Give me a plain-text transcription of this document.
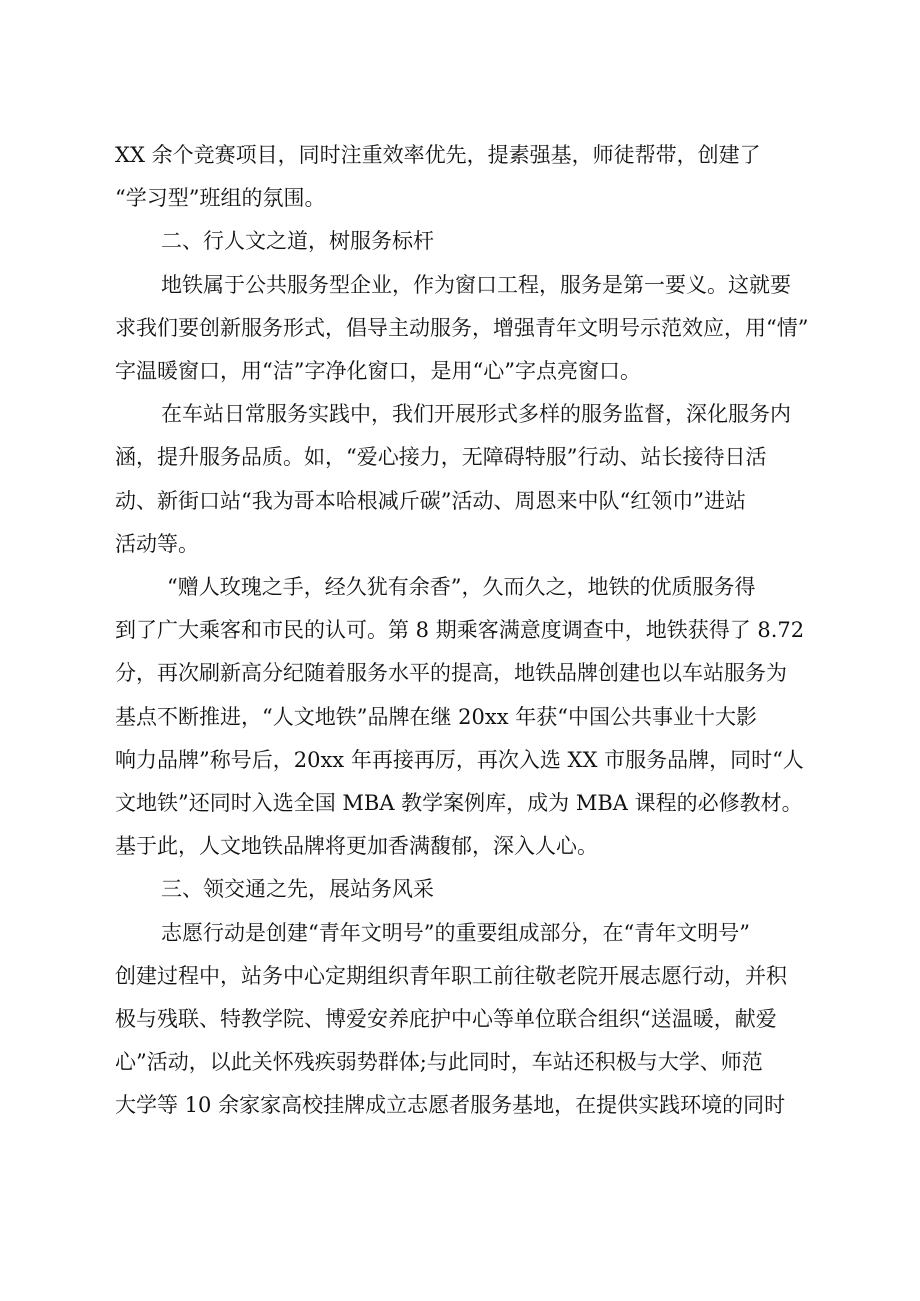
XX 余个竞赛项目，同时注重效率优先，提素强基，师徒帮带，创建了

“学习型”班组的氛围。

二、行人文之道，树服务标杆

地铁属于公共服务型企业，作为窗口工程，服务是第一要义。这就要

求我们要创新服务形式，倡导主动服务，增强青年文明号示范效应，用“情”

字温暖窗口，用“洁”字净化窗口，是用“心”字点亮窗口。

在车站日常服务实践中，我们开展形式多样的服务监督，深化服务内

涵，提升服务品质。如，“爱心接力，无障碍特服”行动、站长接待日活

动、新街口站“我为哥本哈根减斤碳”活动、周恩来中队“红领巾”进站

活动等。

“赠人玫瑰之手，经久犹有余香”，久而久之，地铁的优质服务得

到了广大乘客和市民的认可。第 8 期乘客满意度调查中，地铁获得了 8.72

分，再次刷新高分纪随着服务水平的提高，地铁品牌创建也以车站服务为

基点不断推进，“人文地铁”品牌在继 20xx 年获“中国公共事业十大影

响力品牌”称号后，20xx 年再接再厉，再次入选 XX 市服务品牌，同时“人

文地铁”还同时入选全国 MBA 教学案例库，成为 MBA 课程的必修教材。

基于此，人文地铁品牌将更加香满馥郁，深入人心。

三、领交通之先，展站务风采

志愿行动是创建“青年文明号”的重要组成部分，在“青年文明号”

创建过程中，站务中心定期组织青年职工前往敬老院开展志愿行动，并积

极与残联、特教学院、博爱安养庇护中心等单位联合组织“送温暖，献爱

心”活动，以此关怀残疾弱势群体;与此同时，车站还积极与大学、师范

大学等 10 余家家高校挂牌成立志愿者服务基地，在提供实践环境的同时
